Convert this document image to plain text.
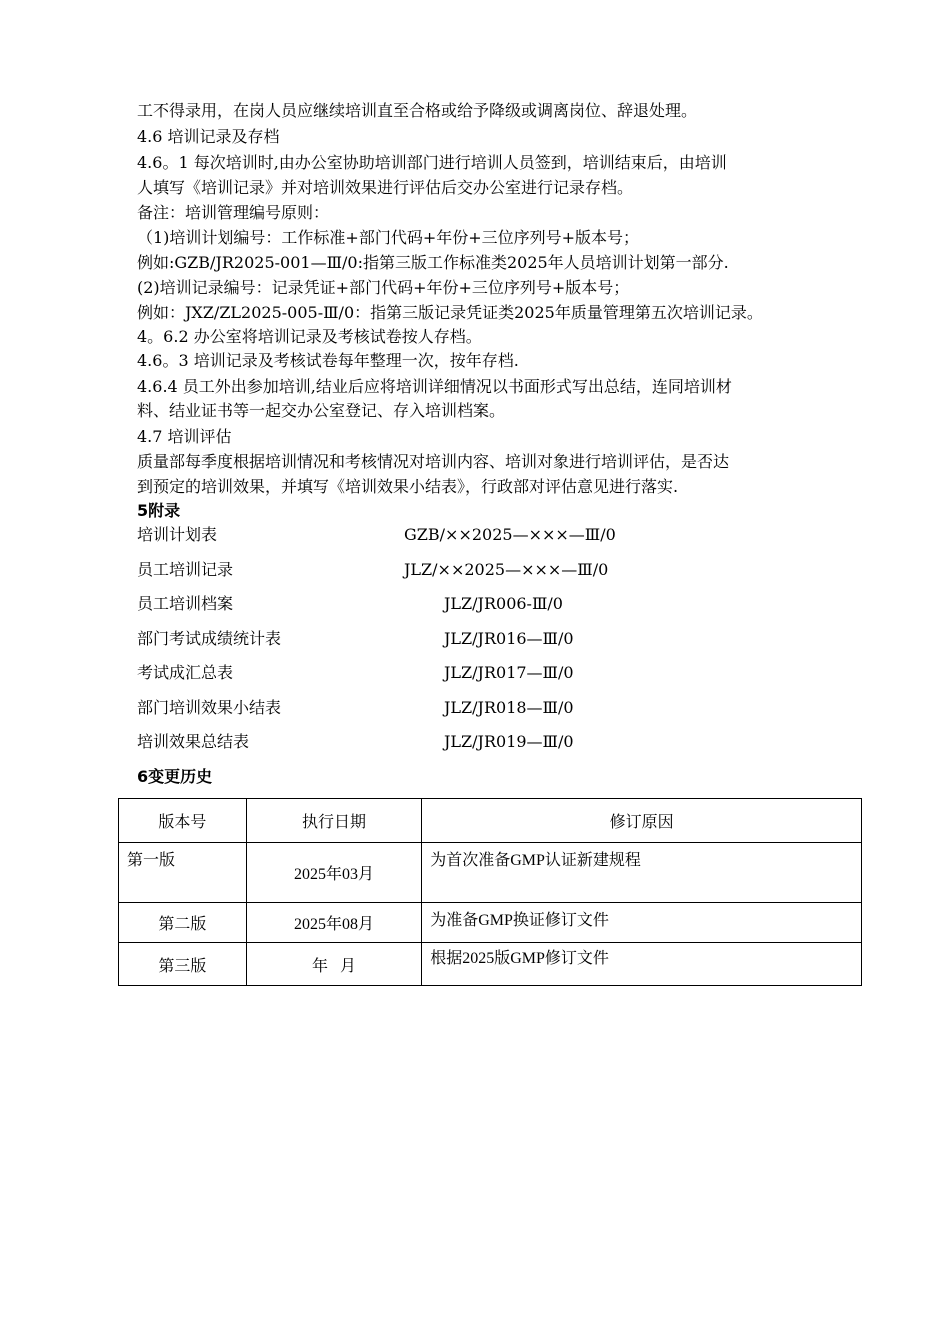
工不得录用，在岗人员应继续培训直至合格或给予降级或调离岗位、辞退处理。
4.6 培训记录及存档
4.6。1 每次培训时,由办公室协助培训部门进行培训人员签到，培训结束后，由培训
人填写《培训记录》并对培训效果进行评估后交办公室进行记录存档。
备注：培训管理编号原则：
（1)培训计划编号：工作标准+部门代码+年份+三位序列号+版本号；
例如:GZB/JR2025-001—Ⅲ/0:指第三版工作标准类2025年人员培训计划第一部分.
(2)培训记录编号：记录凭证+部门代码+年份+三位序列号+版本号；
例如：JXZ/ZL2025-005-Ⅲ/0：指第三版记录凭证类2025年质量管理第五次培训记录。
4。6.2 办公室将培训记录及考核试卷按人存档。
4.6。3 培训记录及考核试卷每年整理一次，按年存档.
4.6.4 员工外出参加培训,结业后应将培训详细情况以书面形式写出总结，连同培训材
料、结业证书等一起交办公室登记、存入培训档案。
4.7 培训评估
质量部每季度根据培训情况和考核情况对培训内容、培训对象进行培训评估，是否达
到预定的培训效果，并填写《培训效果小结表》，行政部对评估意见进行落实.
5附录
培训计划表	GZB/××2025—×××—Ⅲ/0
员工培训记录	JLZ/××2025—×××—Ⅲ/0
员工培训档案	JLZ/JR006-Ⅲ/0
部门考试成绩统计表	JLZ/JR016—Ⅲ/0
考试成汇总表	JLZ/JR017—Ⅲ/0
部门培训效果小结表	JLZ/JR018—Ⅲ/0
培训效果总结表	JLZ/JR019—Ⅲ/0
6变更历史
版本号	执行日期	修订原因

第一版	2025年03月	为首次准备GMP认证新建规程

第二版	2025年08月	为准备GMP换证修订文件

第三版	年   月	根据2025版GMP修订文件
